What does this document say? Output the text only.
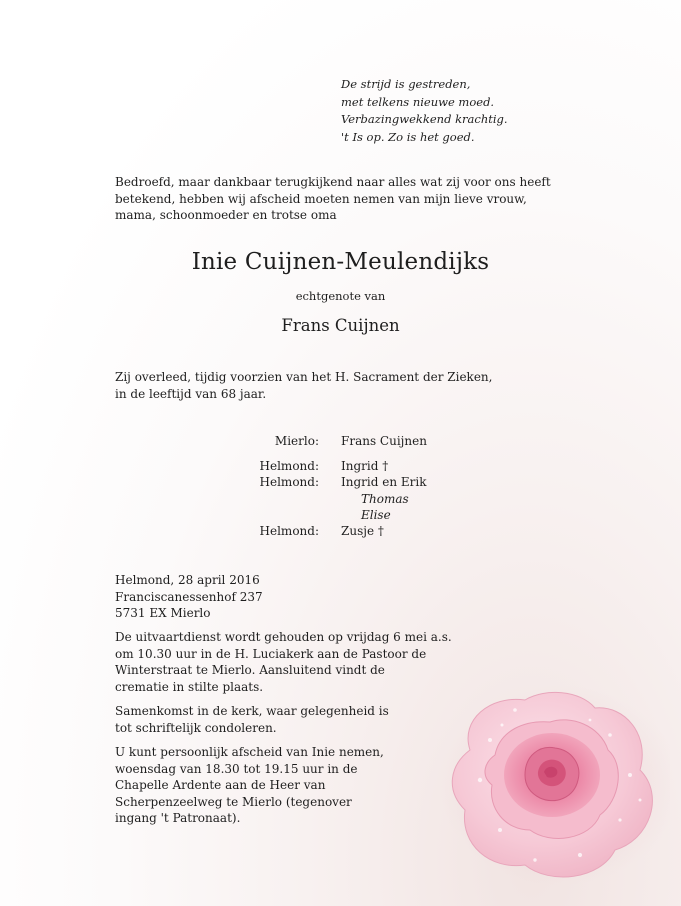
De strijd is gestreden,
met telkens nieuwe moed.
Verbazingwekkend krachtig.
't Is op. Zo is het goed.
Bedroefd, maar dankbaar terugkijkend naar alles wat zij voor ons heeft
betekend, hebben wij afscheid moeten nemen van mijn lieve vrouw,
mama, schoonmoeder en trotse oma
Inie Cuijnen-Meulendijks
echtgenote van
Frans Cuijnen
Zij overleed, tijdig voorzien van het H. Sacrament der Zieken,
in de leeftijd van 68 jaar.
Mierlo: Frans Cuijnen
Helmond: Ingrid †
Helmond: Ingrid en Erik
Thomas
Elise
Helmond: Zusje †
Helmond, 28 april 2016
Franciscanessenhof 237
5731 EX Mierlo
De uitvaartdienst wordt gehouden op vrijdag 6 mei a.s.
om 10.30 uur in de H. Luciakerk aan de Pastoor de
Winterstraat te Mierlo. Aansluitend vindt de
crematie in stilte plaats.
Samenkomst in de kerk, waar gelegenheid is
tot schriftelijk condoleren.
U kunt persoonlijk afscheid van Inie nemen,
woensdag van 18.30 tot 19.15 uur in de
Chapelle Ardente aan de Heer van
Scherpenzeelweg te Mierlo (tegenover
ingang 't Patronaat).
